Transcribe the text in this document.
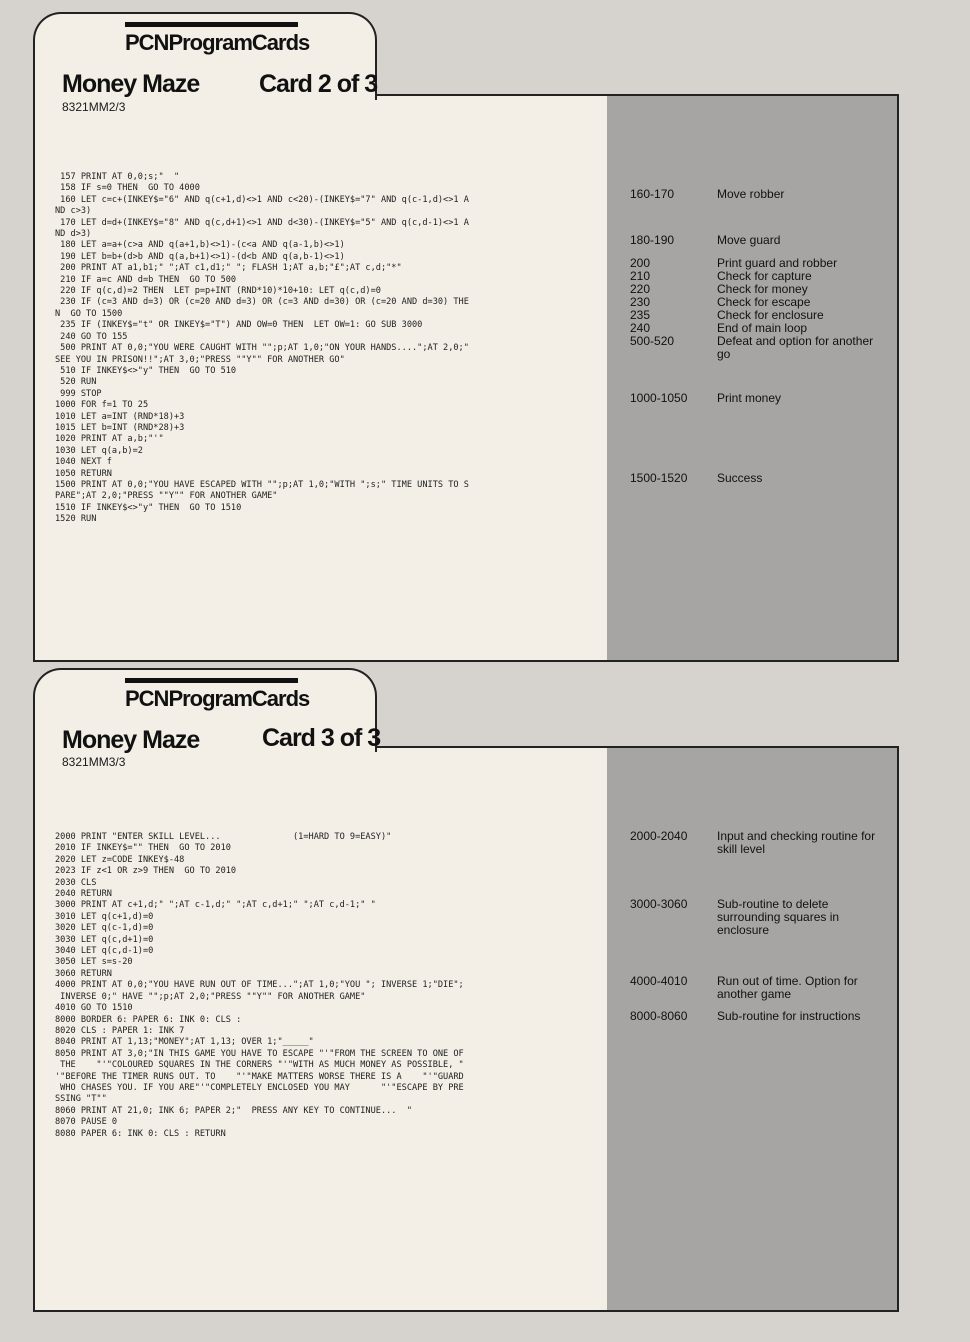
PCNProgramCards
Money Maze Card 2 of 3
8321MM2/3
157 PRINT AT 0,0;s;"  "
158 IF s=0 THEN  GO TO 4000
160 LET c=c+(INKEY$="6" AND q(c+1,d)<>1 AND c<20)-(INKEY$="7" AND q(c-1,d)<>1 A
ND c>3)
170 LET d=d+(INKEY$="8" AND q(c,d+1)<>1 AND d<30)-(INKEY$="5" AND q(c,d-1)<>1 A
ND d>3)
180 LET a=a+(c>a AND q(a+1,b)<>1)-(c<a AND q(a-1,b)<>1)
190 LET b=b+(d>b AND q(a,b+1)<>1)-(d<b AND q(a,b-1)<>1)
200 PRINT AT a1,b1;" ";AT c1,d1;" "; FLASH 1;AT a,b;"£";AT c,d;"*"
210 IF a=c AND d=b THEN  GO TO 500
220 IF q(c,d)=2 THEN  LET p=p+INT (RND*10)*10+10: LET q(c,d)=0
230 IF (c=3 AND d=3) OR (c=20 AND d=3) OR (c=3 AND d=30) OR (c=20 AND d=30) THE
N  GO TO 1500
235 IF (INKEY$="t" OR INKEY$="T") AND OW=0 THEN  LET OW=1: GO SUB 3000
240 GO TO 155
500 PRINT AT 0,0;"YOU WERE CAUGHT WITH "";p;AT 1,0;"ON YOUR HANDS....";AT 2,0;"
SEE YOU IN PRISON!!";AT 3,0;"PRESS ""Y"" FOR ANOTHER GO"
510 IF INKEY$<>"y" THEN  GO TO 510
520 RUN
999 STOP
1000 FOR f=1 TO 25
1010 LET a=INT (RND*18)+3
1015 LET b=INT (RND*28)+3
1020 PRINT AT a,b;"'"
1030 LET q(a,b)=2
1040 NEXT f
1050 RETURN
1500 PRINT AT 0,0;"YOU HAVE ESCAPED WITH "";p;AT 1,0;"WITH ";s;" TIME UNITS TO S
PARE";AT 2,0;"PRESS ""Y"" FOR ANOTHER GAME"
1510 IF INKEY$<>"y" THEN  GO TO 1510
1520 RUN

160-170	Move robber
180-190	Move guard
200	Print guard and robber
210	Check for capture
220	Check for money
230	Check for escape
235	Check for enclosure
240	End of main loop
500-520	Defeat and option for another go
1000-1050 Print money
1500-1520 Success
PCNProgramCards
Money Maze	Card 3 of 3
8321MM3/3
2000 PRINT "ENTER SKILL LEVEL...              (1=HARD TO 9=EASY)"
2010 IF INKEY$="" THEN  GO TO 2010
2020 LET z=CODE INKEY$-48
2023 IF z<1 OR z>9 THEN  GO TO 2010
2030 CLS
2040 RETURN
3000 PRINT AT c+1,d;" ";AT c-1,d;" ";AT c,d+1;" ";AT c,d-1;" "
3010 LET q(c+1,d)=0
3020 LET q(c-1,d)=0
3030 LET q(c,d+1)=0
3040 LET q(c,d-1)=0
3050 LET s=s-20
3060 RETURN
4000 PRINT AT 0,0;"YOU HAVE RUN OUT OF TIME...";AT 1,0;"YOU "; INVERSE 1;"DIE";
INVERSE 0;" HAVE "";p;AT 2,0;"PRESS ""Y"" FOR ANOTHER GAME"
4010 GO TO 1510
8000 BORDER 6: PAPER 6: INK 0: CLS :
8020 CLS : PAPER 1: INK 7
8040 PRINT AT 1,13;"MONEY";AT 1,13; OVER 1;"_____"
8050 PRINT AT 3,0;"IN THIS GAME YOU HAVE TO ESCAPE "'"FROM THE SCREEN TO ONE OF
THE    "'"COLOURED SQUARES IN THE CORNERS "'"WITH AS MUCH MONEY AS POSSIBLE, "
'"BEFORE THE TIMER RUNS OUT. TO    "'"MAKE MATTERS WORSE THERE IS A    "'"GUARD
WHO CHASES YOU. IF YOU ARE"'"COMPLETELY ENCLOSED YOU MAY      "'"ESCAPE BY PRE
SSING "T""
8060 PRINT AT 21,0; INK 6; PAPER 2;"  PRESS ANY KEY TO CONTINUE...  "
8070 PAUSE 0
8080 PAPER 6: INK 0: CLS : RETURN

2000-2040 Input and checking routine for skill level
3000-3060 Sub-routine to delete surrounding squares in enclosure
4000-4010 Run out of time. Option for another game
8000-8060 Sub-routine for instructions
